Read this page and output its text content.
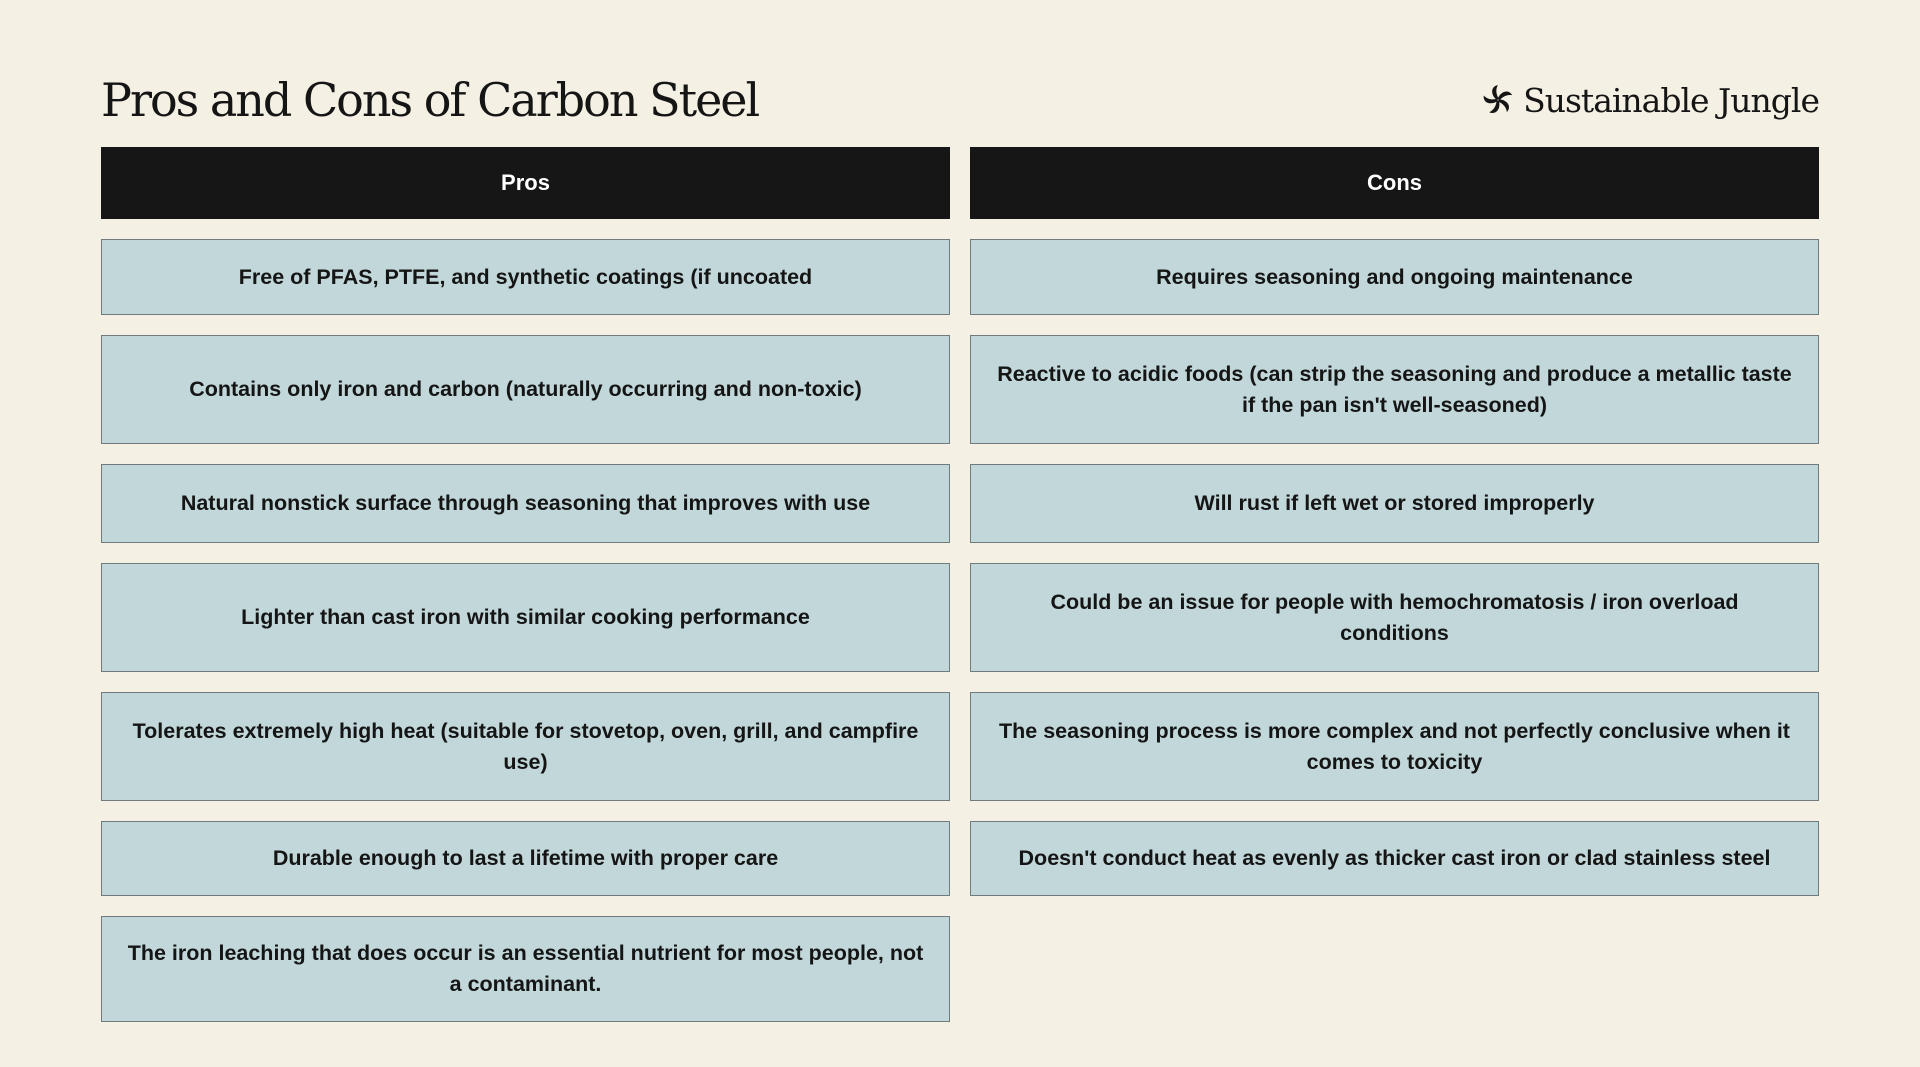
Pros and Cons of Carbon Steel	Sustainable Jungle
Pros	Cons
Free of PFAS, PTFE, and synthetic coatings (if uncoated
Contains only iron and carbon (naturally occurring and non-toxic)
Natural nonstick surface through seasoning that improves with use
Lighter than cast iron with similar cooking performance
Tolerates extremely high heat (suitable for stovetop, oven, grill, and campfire use)
Durable enough to last a lifetime with proper care
The iron leaching that does occur is an essential nutrient for most people, not a contaminant.
Requires seasoning and ongoing maintenance
Reactive to acidic foods (can strip the seasoning and produce a metallic taste if the pan isn't well-seasoned)
Will rust if left wet or stored improperly
Could be an issue for people with hemochromatosis / iron overload conditions
The seasoning process is more complex and not perfectly conclusive when it comes to toxicity
Doesn't conduct heat as evenly as thicker cast iron or clad stainless steel
